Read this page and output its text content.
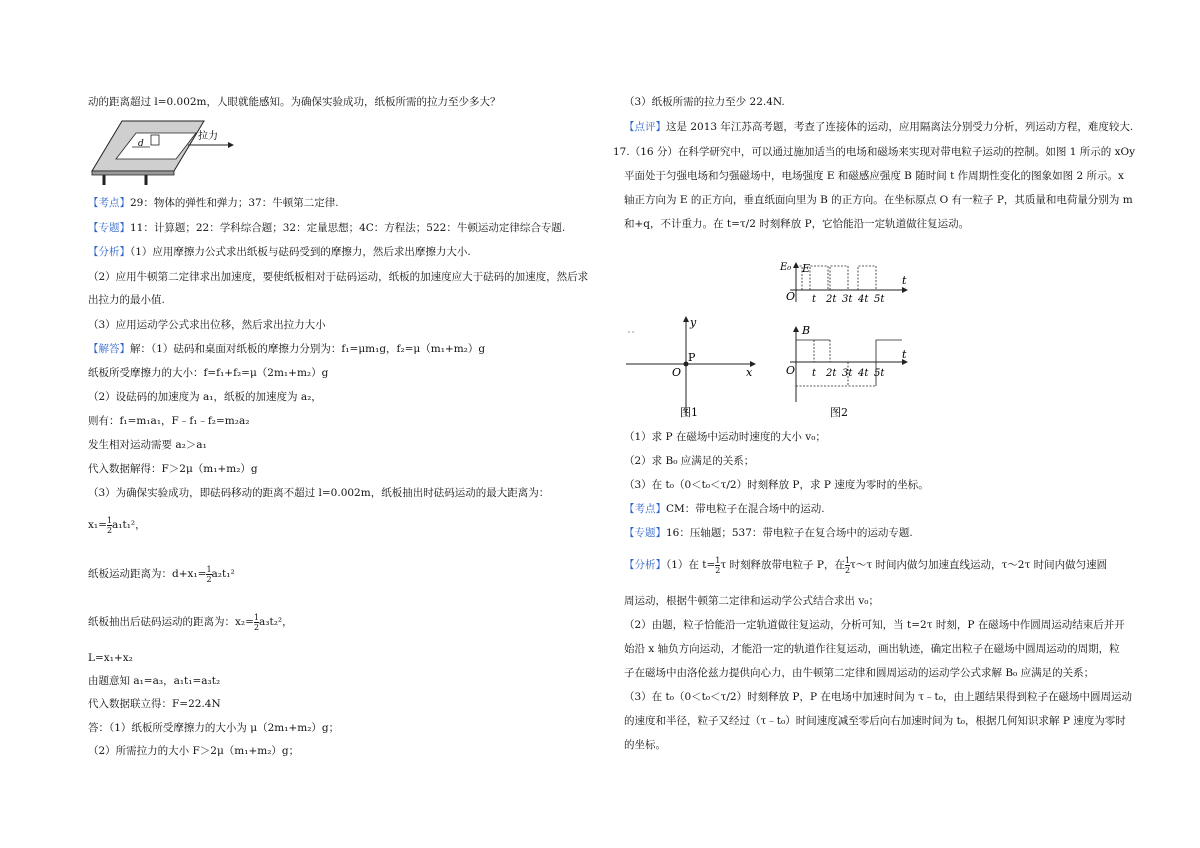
动的距离超过 l=0.002m，人眼就能感知。为确保实验成功，纸板所需的拉力至少多大？
d
拉力
【考点】29：物体的弹性和弹力；37：牛顿第二定律.
【专题】11：计算题；22：学科综合题；32：定量思想；4C：方程法；522：牛顿运动定律综合专题.
【分析】（1）应用摩擦力公式求出纸板与砝码受到的摩擦力，然后求出摩擦力大小.
（2）应用牛顿第二定律求出加速度，要使纸板相对于砝码运动，纸板的加速度应大于砝码的加速度，然后求
出拉力的最小值.
（3）应用运动学公式求出位移，然后求出拉力大小
【解答】解：（1）砝码和桌面对纸板的摩擦力分别为：f₁=μm₁g，f₂=μ（m₁+m₂）g
纸板所受摩擦力的大小：f=f₁+f₂=μ（2m₁+m₂）g
（2）设砝码的加速度为 a₁，纸板的加速度为 a₂，
则有：f₁=m₁a₁，F﹣f₁﹣f₂=m₂a₂
发生相对运动需要 a₂＞a₁
代入数据解得：F＞2μ（m₁+m₂）g
（3）为确保实验成功，即砝码移动的距离不超过 l=0.002m，纸板抽出时砝码运动的最大距离为：
$x_1= \frac{1}{2} a_1t_1^2$，
纸板运动距离为：$d+x_1= \frac{1}{2} a_2t_1^2$
纸板抽出后砝码运动的距离为：$x_2= \frac{1}{2} a_3t_2^2$，
L=x₁+x₂
由题意知 a₁=a₃，a₁t₁=a₃t₂
代入数据联立得：F=22.4N
答：（1）纸板所受摩擦力的大小为 μ（2m₁+m₂）g；
（2）所需拉力的大小 F＞2μ（m₁+m₂）g；
（3）纸板所需的拉力至少 22.4N.
【点评】这是 2013 年江苏高考题，考查了连接体的运动，应用隔离法分别受力分析，列运动方程，难度较大.
17.（16 分）在科学研究中，可以通过施加适当的电场和磁场来实现对带电粒子运动的控制。如图 1 所示的 xOy
平面处于匀强电场和匀强磁场中，电场强度 E 和磁感应强度 B 随时间 t 作周期性变化的图象如图 2 所示。x
轴正方向为 E 的正方向，垂直纸面向里为 B 的正方向。在坐标原点 O 有一粒子 P，其质量和电荷量分别为 m
和+q，不计重力。在 t=τ/2 时刻释放 P，它恰能沿一定轨道做往复运动。
y
x
O
P
图1
E
E₀
t
O t 2t 3t 4t 5t
B
t
O t 2t 3t 4t 5t
图2
（1）求 P 在磁场中运动时速度的大小 v₀；
（2）求 B₀ 应满足的关系；
（3）在 t₀（0＜t₀＜τ/2）时刻释放 P，求 P 速度为零时的坐标。
【考点】CM：带电粒子在混合场中的运动.
【专题】16：压轴题；537：带电粒子在复合场中的运动专题.
【分析】（1）在 $t= \frac{1}{2}$ τ 时刻释放带电粒子 P，在 $\frac{1}{2}$ τ～τ 时间内做匀加速直线运动，τ～2τ 时间内做匀速圆
周运动，根据牛顿第二定律和运动学公式结合求出 v₀；
（2）由题，粒子恰能沿一定轨道做往复运动，分析可知，当 t=2τ 时刻，P 在磁场中作圆周运动结束后并开
始沿 x 轴负方向运动，才能沿一定的轨道作往复运动，画出轨迹，确定出粒子在磁场中圆周运动的周期，粒
子在磁场中由洛伦兹力提供向心力，由牛顿第二定律和圆周运动的运动学公式求解 B₀ 应满足的关系；
（3）在 t₀（0＜t₀＜τ/2）时刻释放 P，P 在电场中加速时间为 τ﹣t₀，由上题结果得到粒子在磁场中圆周运动
的速度和半径，粒子又经过（τ﹣t₀）时间速度减至零后向右加速时间为 t₀，根据几何知识求解 P 速度为零时
的坐标。
